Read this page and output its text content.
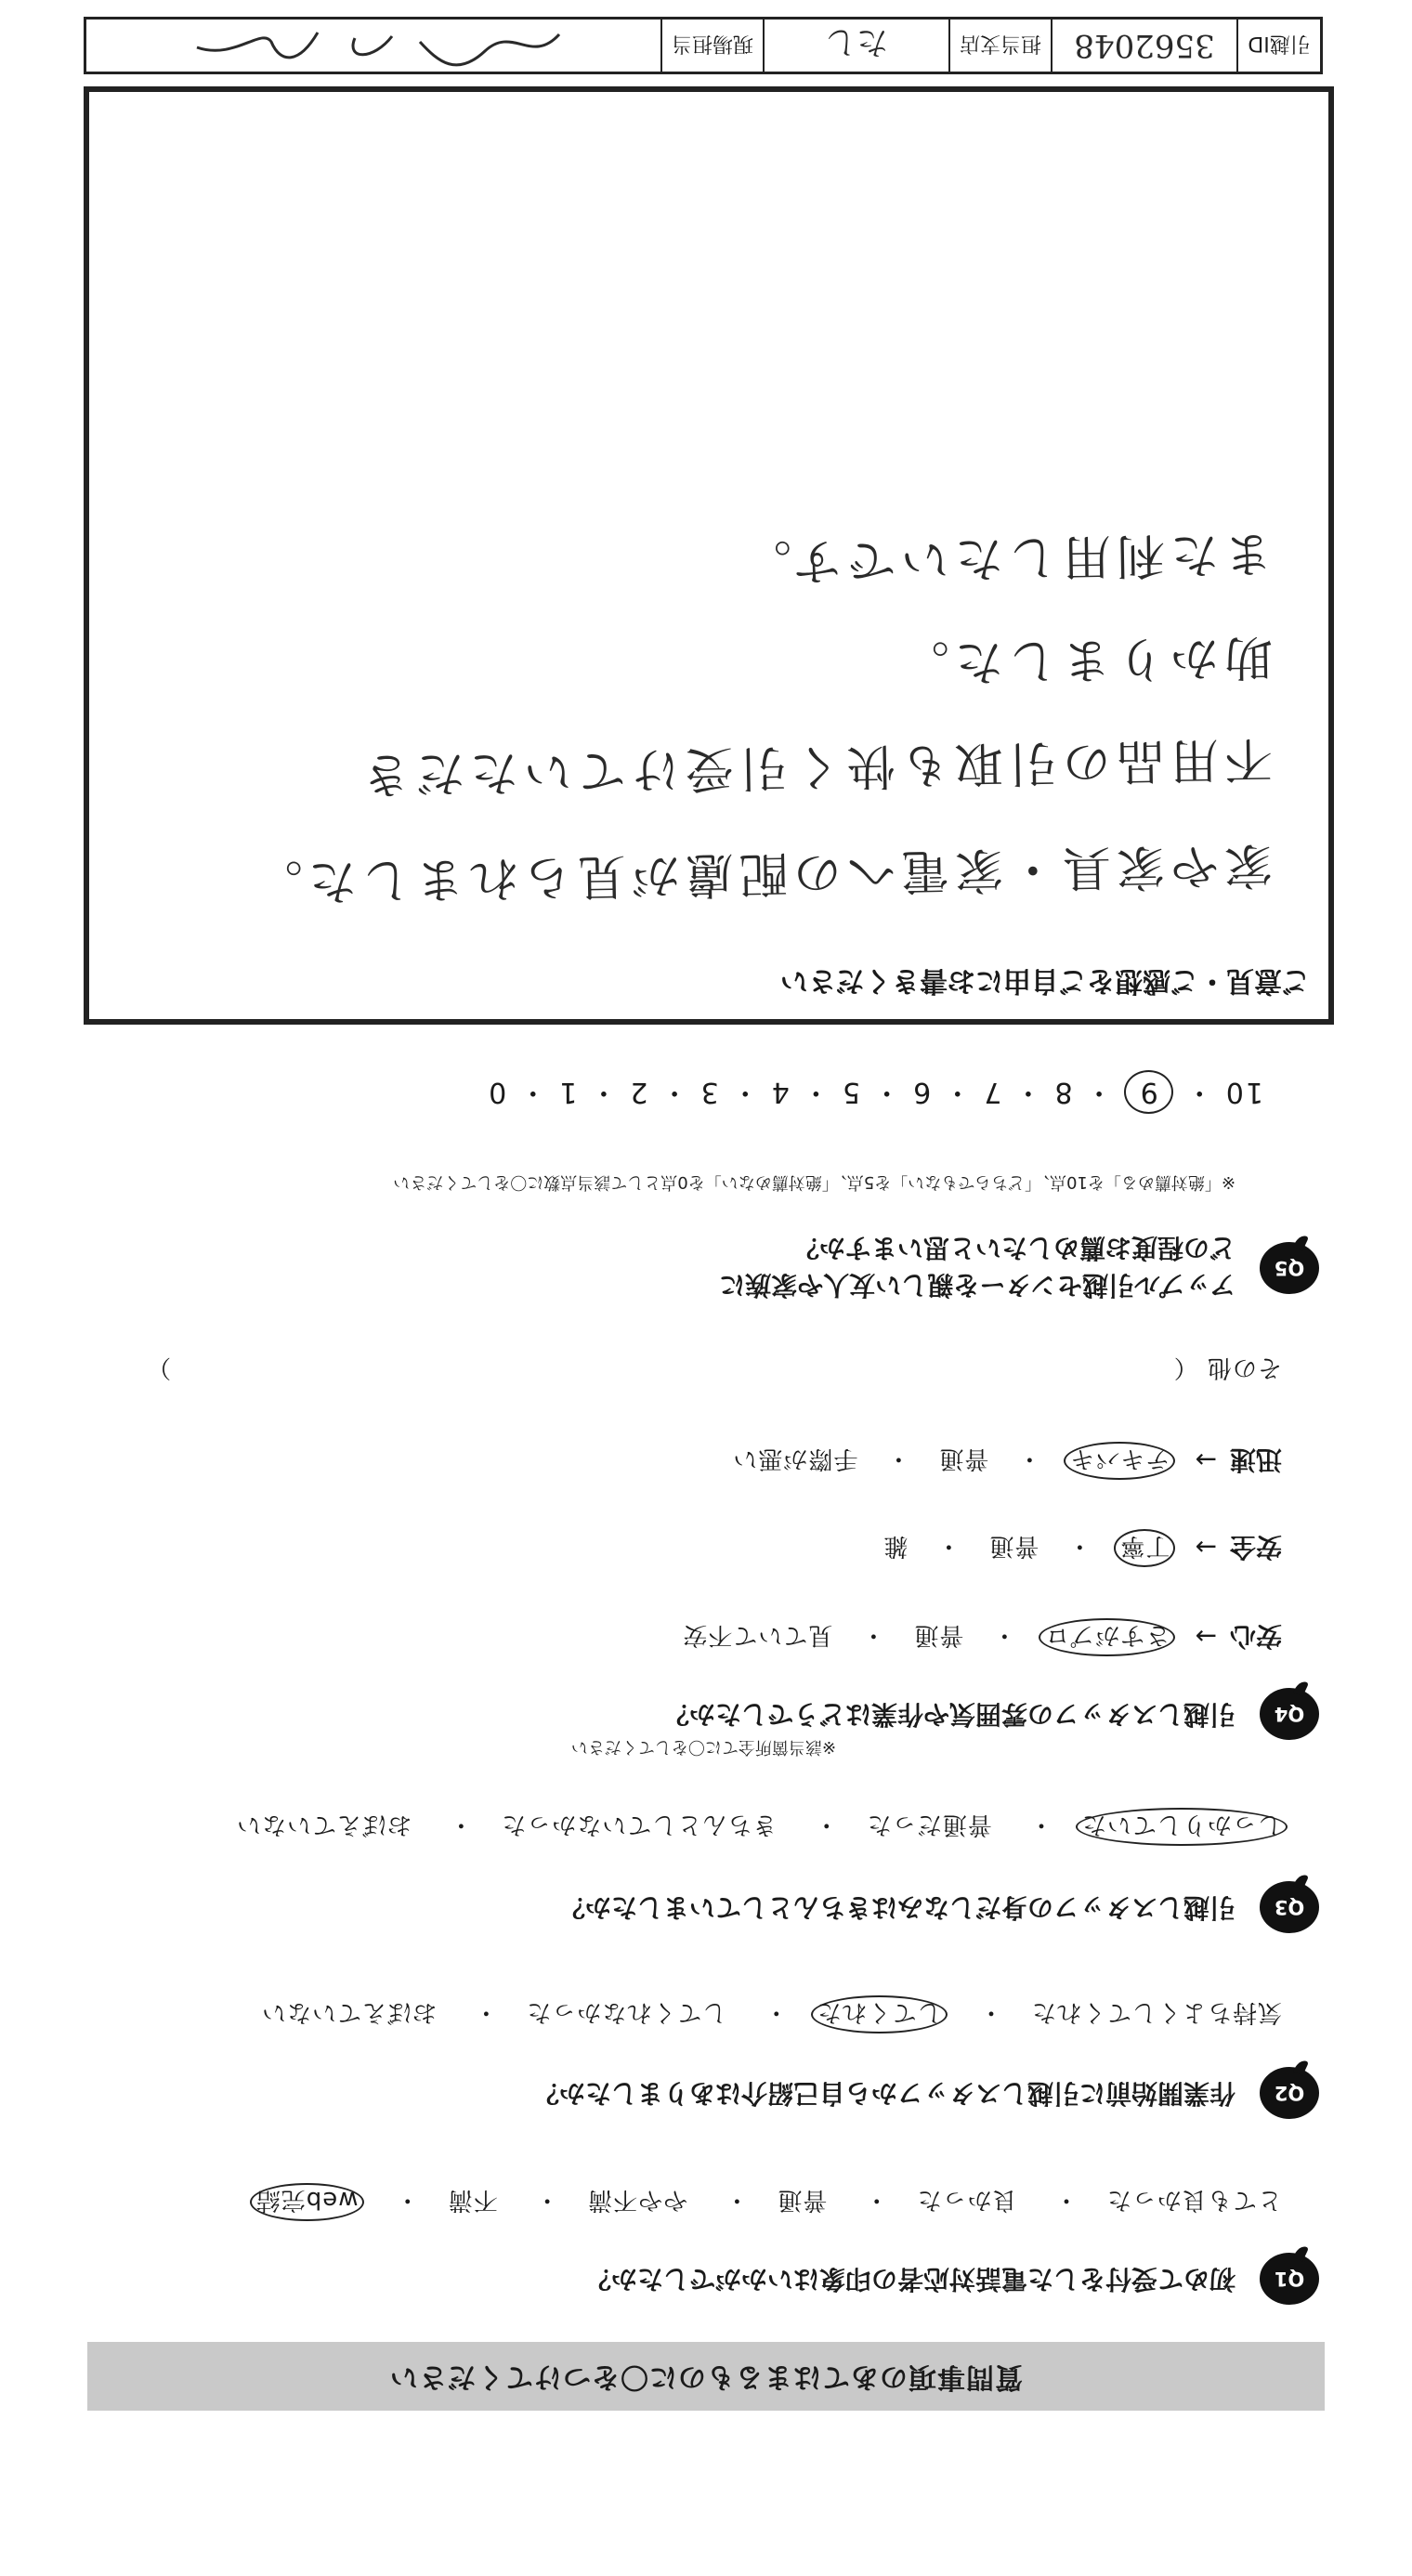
質問事項のあてはまるものに〇をつけてください
Q1
初めて受付をした電話対応者の印象はいかがでしたか？
とても良かった・ 良かった・ 普通・ やや不満・ 不満・ web完結
Q2
作業開始前に引越しスタッフから自己紹介はありましたか？
気持ちよくしてくれた・ してくれた・ してくれなかった・ おぼえていない
Q3
引越しスタッフの身だしなみはきちんとしていましたか？
しっかりしていた・ 普通だった・ きちんとしていなかった・ おぼえていない
Q4
引越しスタッフの雰囲気や作業はどうでしたか？
※該当箇所全てに〇をしてください
安心→ さすがプロ・普通・見ていて不安
安全→ 丁寧・普通・雑
迅速→ テキパキ・普通・手際が悪い
その他 （  ）
Q5
アップル引越センターを親しい友人や家族に
どの程度お薦めしたいと思いますか？
※「絶対薦める」を10点、「どちらでもない」を5点、「絶対薦めない」を0点として該当点数に〇をしてください
10 ・ 9 ・ 8 ・ 7 ・ 6 ・ 5 ・ 4 ・ 3 ・ 2 ・ 1 ・ 0
ご意見・ご感想をご自由にお書きください
家や家具・家電への配慮が見られました。
不用品の引取も快く引受けていただき
助かりました。
また利用したいです。
引越ID
3562048
担当支店
たし
現場担当
